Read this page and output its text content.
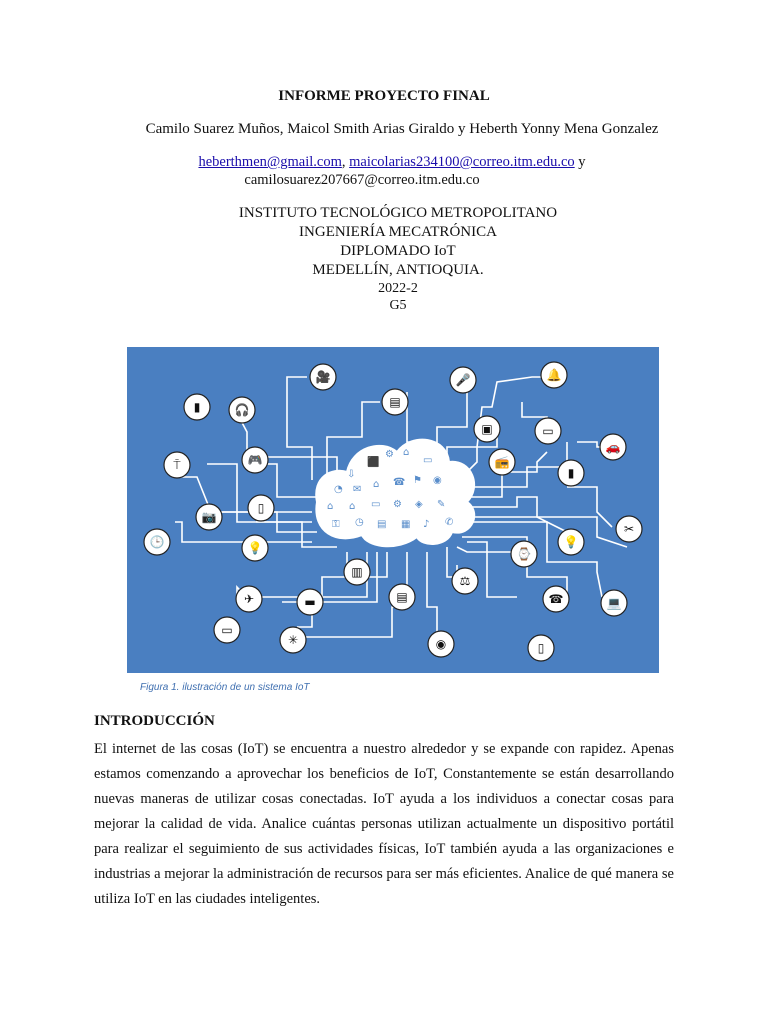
INFORME PROYECTO FINAL
Camilo Suarez Muños, Maicol Smith Arias Giraldo y Heberth Yonny Mena Gonzalez
heberthmen@gmail.com, maicolarias234100@correo.itm.edu.co y
camilosuarez207667@correo.itm.edu.co
INSTITUTO TECNOLÓGICO METROPOLITANO
INGENIERÍA MECATRÓNICA
DIPLOMADO IoT
MEDELLÍN, ANTIOQUIA.
2022-2
G5
⇩
⬛
⚙ ⌂
▭
◔ ✉ ⌂ ☎ ⚑ ◉
⌂ ⌂ ▭ ⚙ ◈ ✎
⚿ ◷ ▤ ▦ ♪ ✆
🎥
▤
🎤	🔔
▮	🎧
▣	▭
🚗
⍑	🎮	📻
▮
📷
▯
🕒	💡	💡
✂
▥
⌚
✈	▬	▤
⚖
☎	💻
▭
✳	◉	▯
Figura 1. ilustración de un sistema IoT
INTRODUCCIÓN
El internet de las cosas (IoT) se encuentra a nuestro alrededor y se expande con rapidez. Apenas estamos comenzando a aprovechar los beneficios de IoT, Constantemente se están desarrollando nuevas maneras de utilizar cosas conectadas. IoT ayuda a los individuos a conectar cosas para mejorar la calidad de vida. Analice cuántas personas utilizan actualmente un dispositivo portátil para realizar el seguimiento de sus actividades físicas, IoT también ayuda a las organizaciones e industrias a mejorar la administración de recursos para ser más eficientes. Analice de qué manera se utiliza IoT en las ciudades inteligentes.
